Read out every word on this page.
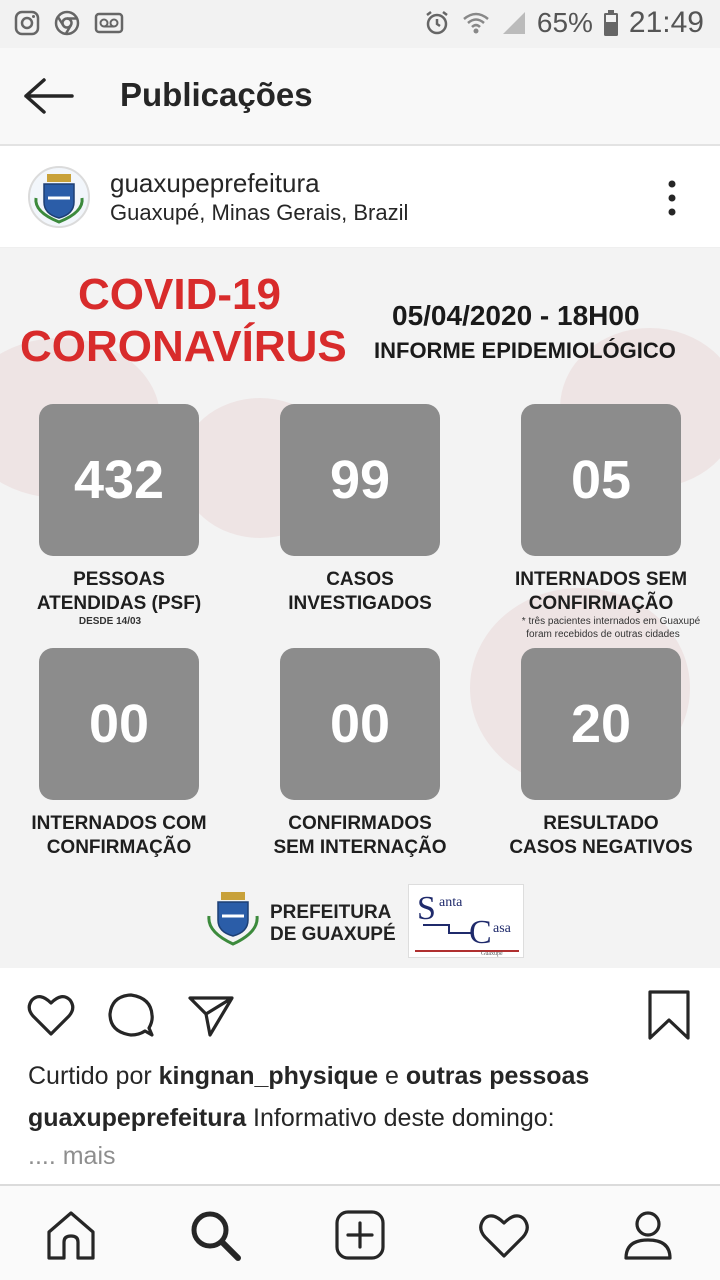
65% 21:49
Publicações
guaxupeprefeitura
Guaxupé, Minas Gerais, Brazil
COVID-19
CORONAVÍRUS
05/04/2020 - 18H00
INFORME EPIDEMIOLÓGICO
432	99	05
PESSOAS
ATENDIDAS (PSF)
DESDE 14/03
CASOS
INVESTIGADOS
INTERNADOS SEM
CONFIRMAÇÃO
* três pacientes internados em Guaxupé
foram recebidos de outras cidades
00	00	20
INTERNADOS COM
CONFIRMAÇÃO
CONFIRMADOS
SEM INTERNAÇÃO
RESULTADO
CASOS NEGATIVOS
PREFEITURA
DE GUAXUPÉ
S
C
anta
asa
Guaxupé
Curtido por kingnan_physique e outras pessoas
guaxupeprefeitura Informativo deste domingo:
.... mais
